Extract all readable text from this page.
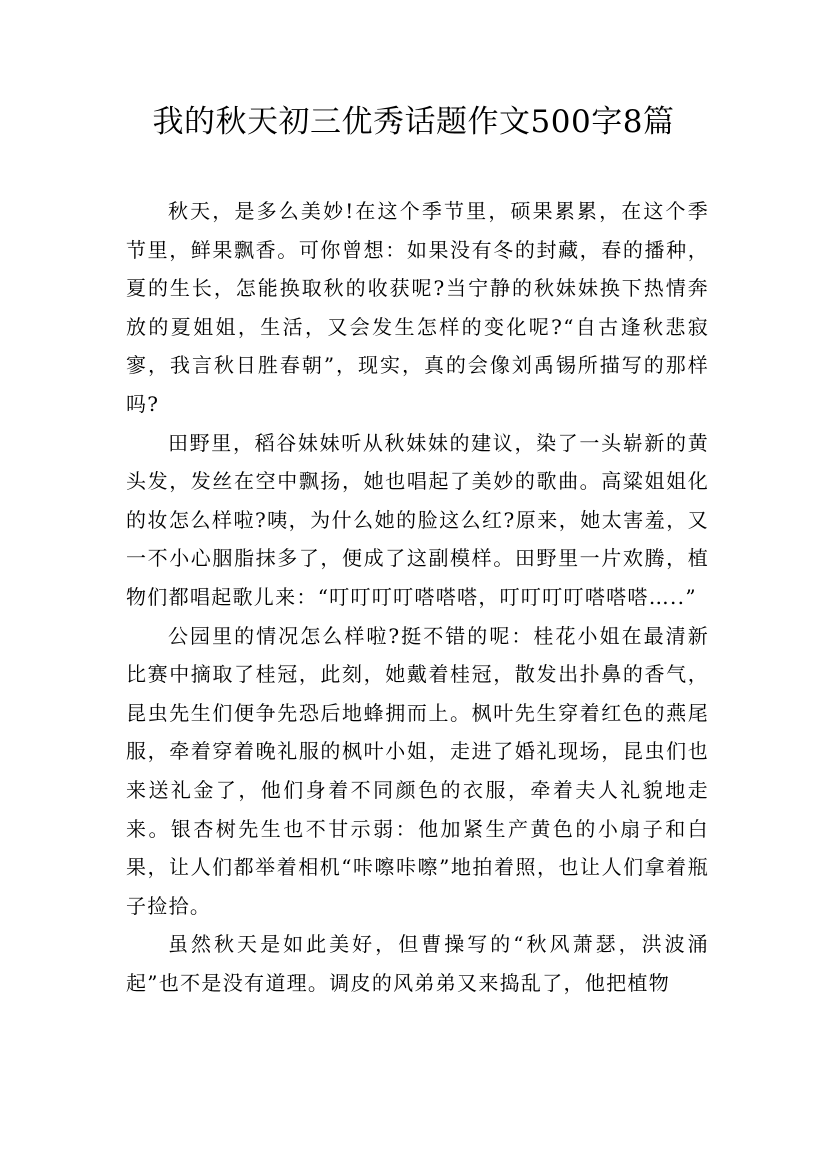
我的秋天初三优秀话题作文500字8篇

秋天，是多么美妙!在这个季节里，硕果累累，在这个季节里，鲜果飘香。可你曾想：如果没有冬的封藏，春的播种，夏的生长，怎能换取秋的收获呢?当宁静的秋妹妹换下热情奔放的夏姐姐，生活，又会发生怎样的变化呢?“自古逢秋悲寂寥，我言秋日胜春朝”，现实，真的会像刘禹锡所描写的那样吗?

田野里，稻谷妹妹听从秋妹妹的建议，染了一头崭新的黄头发，发丝在空中飘扬，她也唱起了美妙的歌曲。高粱姐姐化的妆怎么样啦?咦，为什么她的脸这么红?原来，她太害羞，又一不小心胭脂抹多了，便成了这副模样。田野里一片欢腾，植物们都唱起歌儿来：“叮叮叮叮嗒嗒嗒，叮叮叮叮嗒嗒嗒…..”

公园里的情况怎么样啦?挺不错的呢：桂花小姐在最清新比赛中摘取了桂冠，此刻，她戴着桂冠，散发出扑鼻的香气，昆虫先生们便争先恐后地蜂拥而上。枫叶先生穿着红色的燕尾服，牵着穿着晚礼服的枫叶小姐，走进了婚礼现场，昆虫们也来送礼金了，他们身着不同颜色的衣服，牵着夫人礼貌地走来。银杏树先生也不甘示弱：他加紧生产黄色的小扇子和白果，让人们都举着相机“咔嚓咔嚓”地拍着照，也让人们拿着瓶子捡拾。

虽然秋天是如此美好，但曹操写的“秋风萧瑟，洪波涌起”也不是没有道理。调皮的风弟弟又来捣乱了，他把植物
